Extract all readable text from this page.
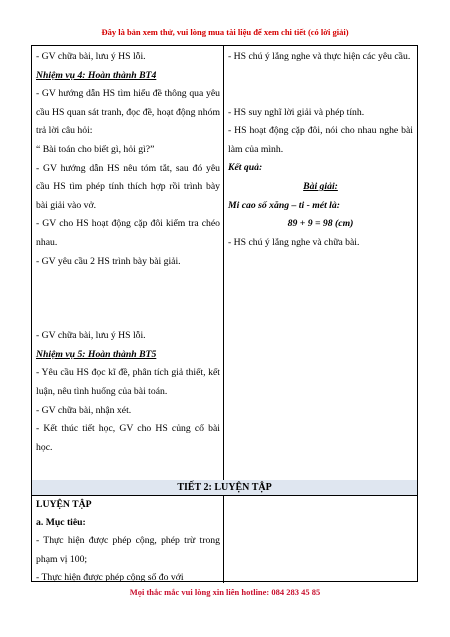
Đây là bản xem thử, vui lòng mua tài liệu để xem chi tiết (có lời giải)
- GV chữa bài, lưu ý HS lỗi.
Nhiệm vụ 4: Hoàn thành BT4
- GV hướng dẫn HS tìm hiểu đề thông qua yêu cầu HS quan sát tranh, đọc đề, hoạt động nhóm trả lời câu hỏi:
“ Bài toán cho biết gì, hỏi gì?”
- GV hướng dẫn HS nêu tóm tắt, sau đó yêu cầu HS tìm phép tính thích hợp rồi trình bày bài giải vào vở.
- GV cho HS hoạt động cặp đôi kiểm tra chéo nhau.
- GV yêu cầu 2 HS trình bày bài giải.
- GV chữa bài, lưu ý HS lỗi.
Nhiệm vụ 5: Hoàn thành BT5
- Yêu cầu HS đọc kĩ đề, phân tích giả thiết, kết luận, nêu tình huống của bài toán.
- GV chữa bài, nhận xét.
- Kết thúc tiết học, GV cho HS củng cố bài học.
- HS chú ý lắng nghe và thực hiện các yêu cầu.
- HS suy nghĩ lời giải và phép tính.
- HS hoạt động cặp đôi, nói cho nhau nghe bài làm của mình.
Kết quả:
Bài giải:
Mi cao số xăng – ti - mét là:
89 + 9 = 98 (cm)
- HS chú ý lắng nghe và chữa bài.
TIẾT 2: LUYỆN TẬP
LUYỆN TẬP
a. Mục tiêu:
- Thực hiện được phép cộng, phép trừ trong phạm vị 100;
- Thực hiện được phép cộng số đo với
Mọi thắc mắc vui lòng xin liên hotline: 084 283 45 85
